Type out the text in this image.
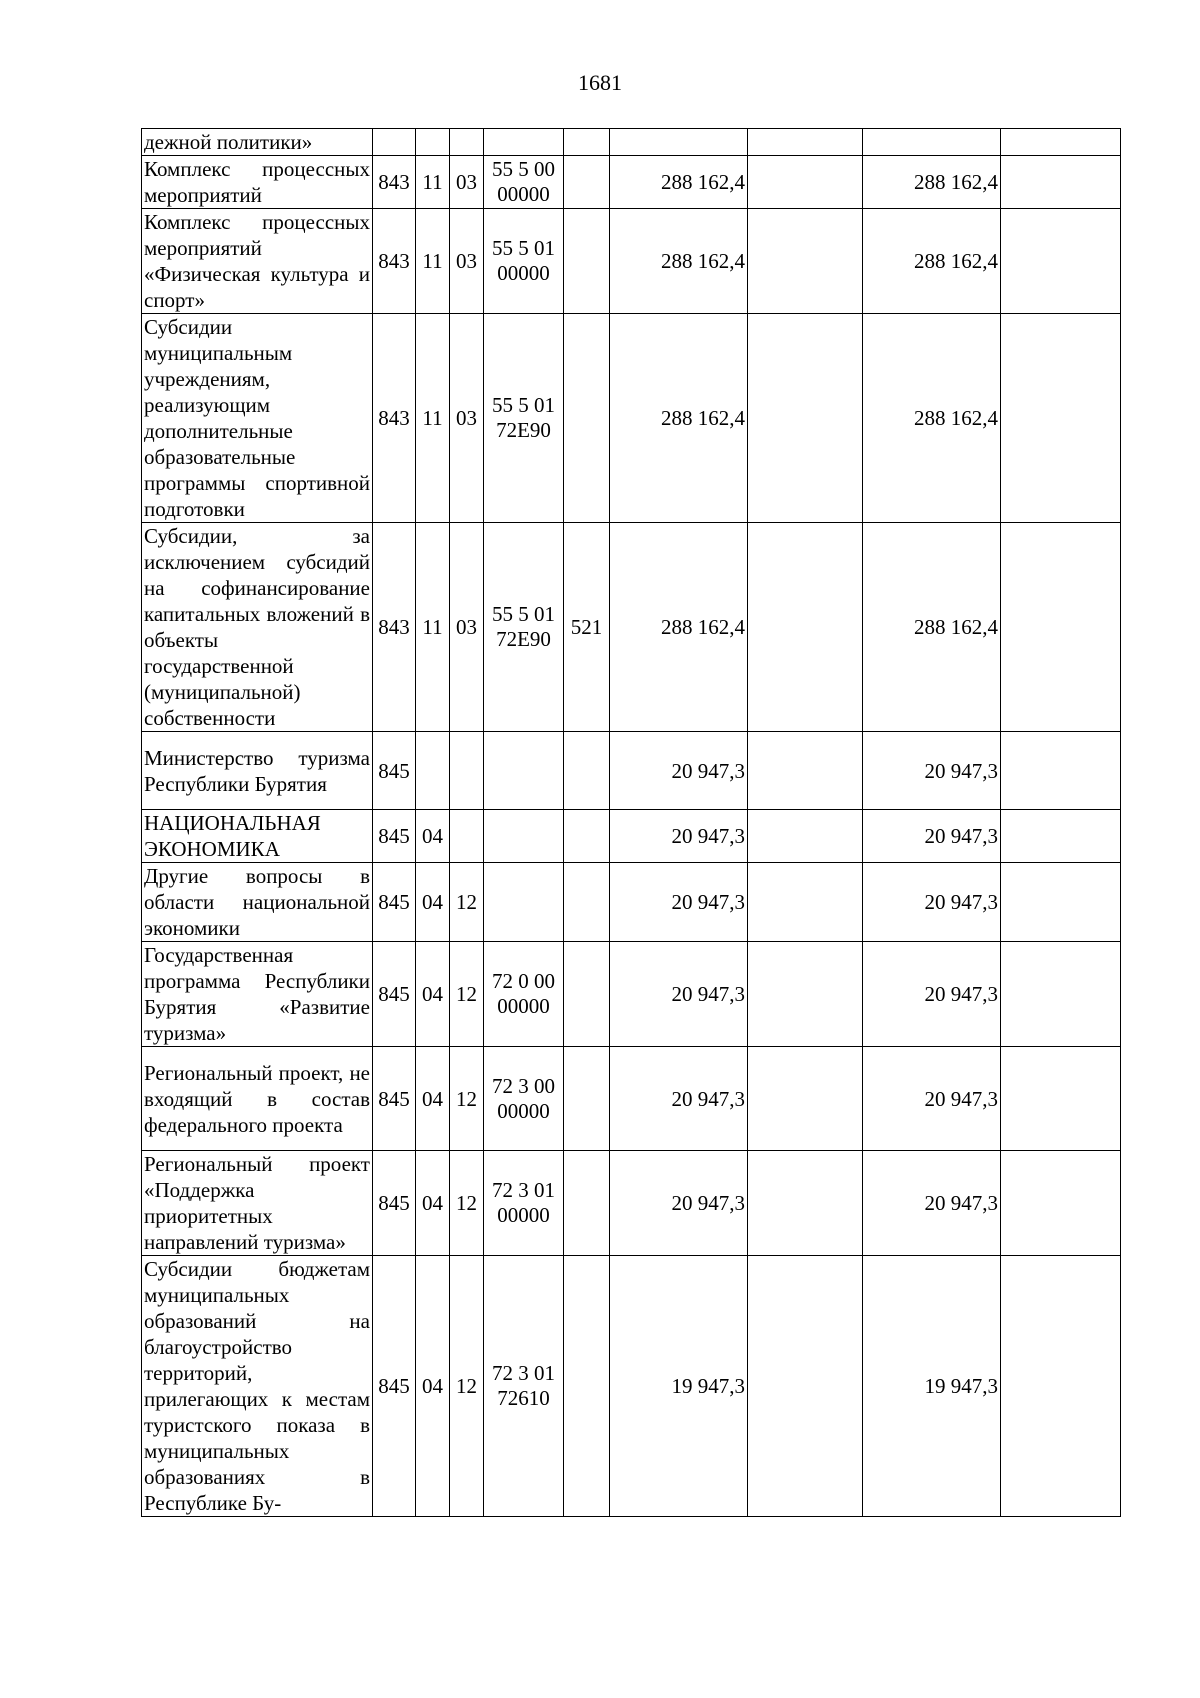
1681
дежной политики»									
Комплекс процессных мероприятий	843	11	03	55 5 00 00000		288 162,4		288 162,4	
Комплекс процессных мероприятий «Физическая культура и спорт»	843	11	03	55 5 01 00000		288 162,4		288 162,4	
Субсидии муниципальным учреждениям, реализующим дополнительные образовательные программы спортивной подготовки	843	11	03	55 5 01 72Е90		288 162,4		288 162,4	
Субсидии, за исключением субсидий на софинансирование капитальных вложений в объекты государственной (муниципальной) собственности	843	11	03	55 5 01 72Е90	521	288 162,4		288 162,4	
Министерство туризма Республики Бурятия	845					20 947,3		20 947,3	
НАЦИОНАЛЬНАЯ ЭКОНОМИКА	845	04				20 947,3		20 947,3	
Другие вопросы в области национальной экономики	845	04	12			20 947,3		20 947,3	
Государственная программа Республики Бурятия «Развитие туризма»	845	04	12	72 0 00 00000		20 947,3		20 947,3	
Региональный проект, не входящий в состав федерального проекта	845	04	12	72 3 00 00000		20 947,3		20 947,3	
Региональный проект «Поддержка приоритетных направлений туризма»	845	04	12	72 3 01 00000		20 947,3		20 947,3	
Субсидии бюджетам муниципальных образований на благоустройство территорий, прилегающих к местам туристского показа в муниципальных образованиях в Республике Бу-	845	04	12	72 3 01 72610		19 947,3		19 947,3	
